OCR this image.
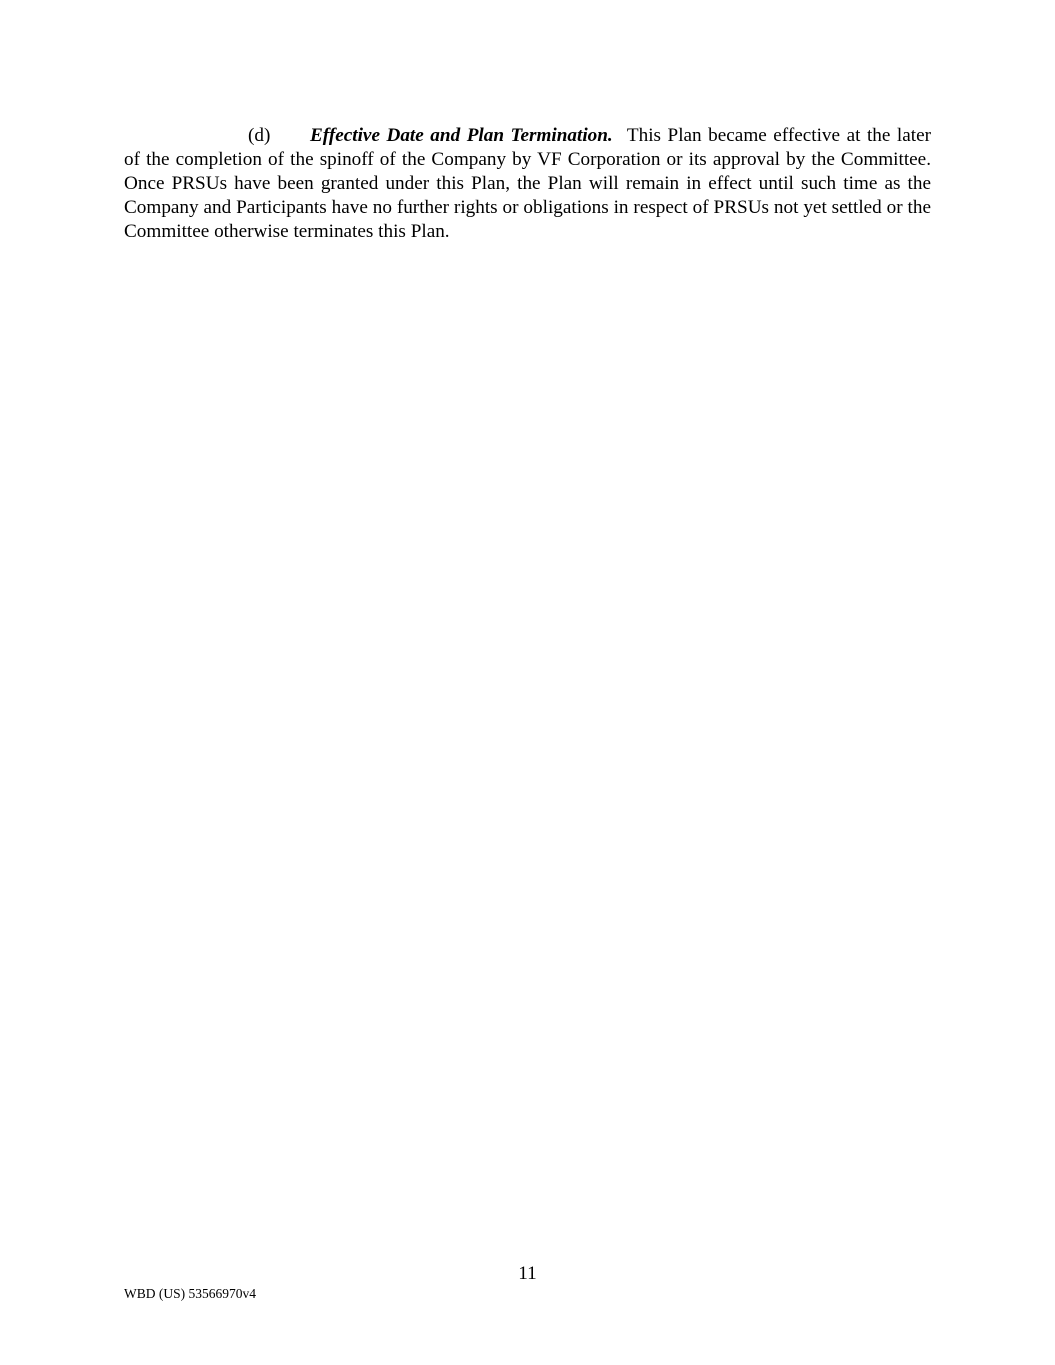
(d) Effective Date and Plan Termination. This Plan became effective at the later of the completion of the spinoff of the Company by VF Corporation or its approval by the Committee. Once PRSUs have been granted under this Plan, the Plan will remain in effect until such time as the Company and Participants have no further rights or obligations in respect of PRSUs not yet settled or the Committee otherwise terminates this Plan.

11
WBD (US) 53566970v4
